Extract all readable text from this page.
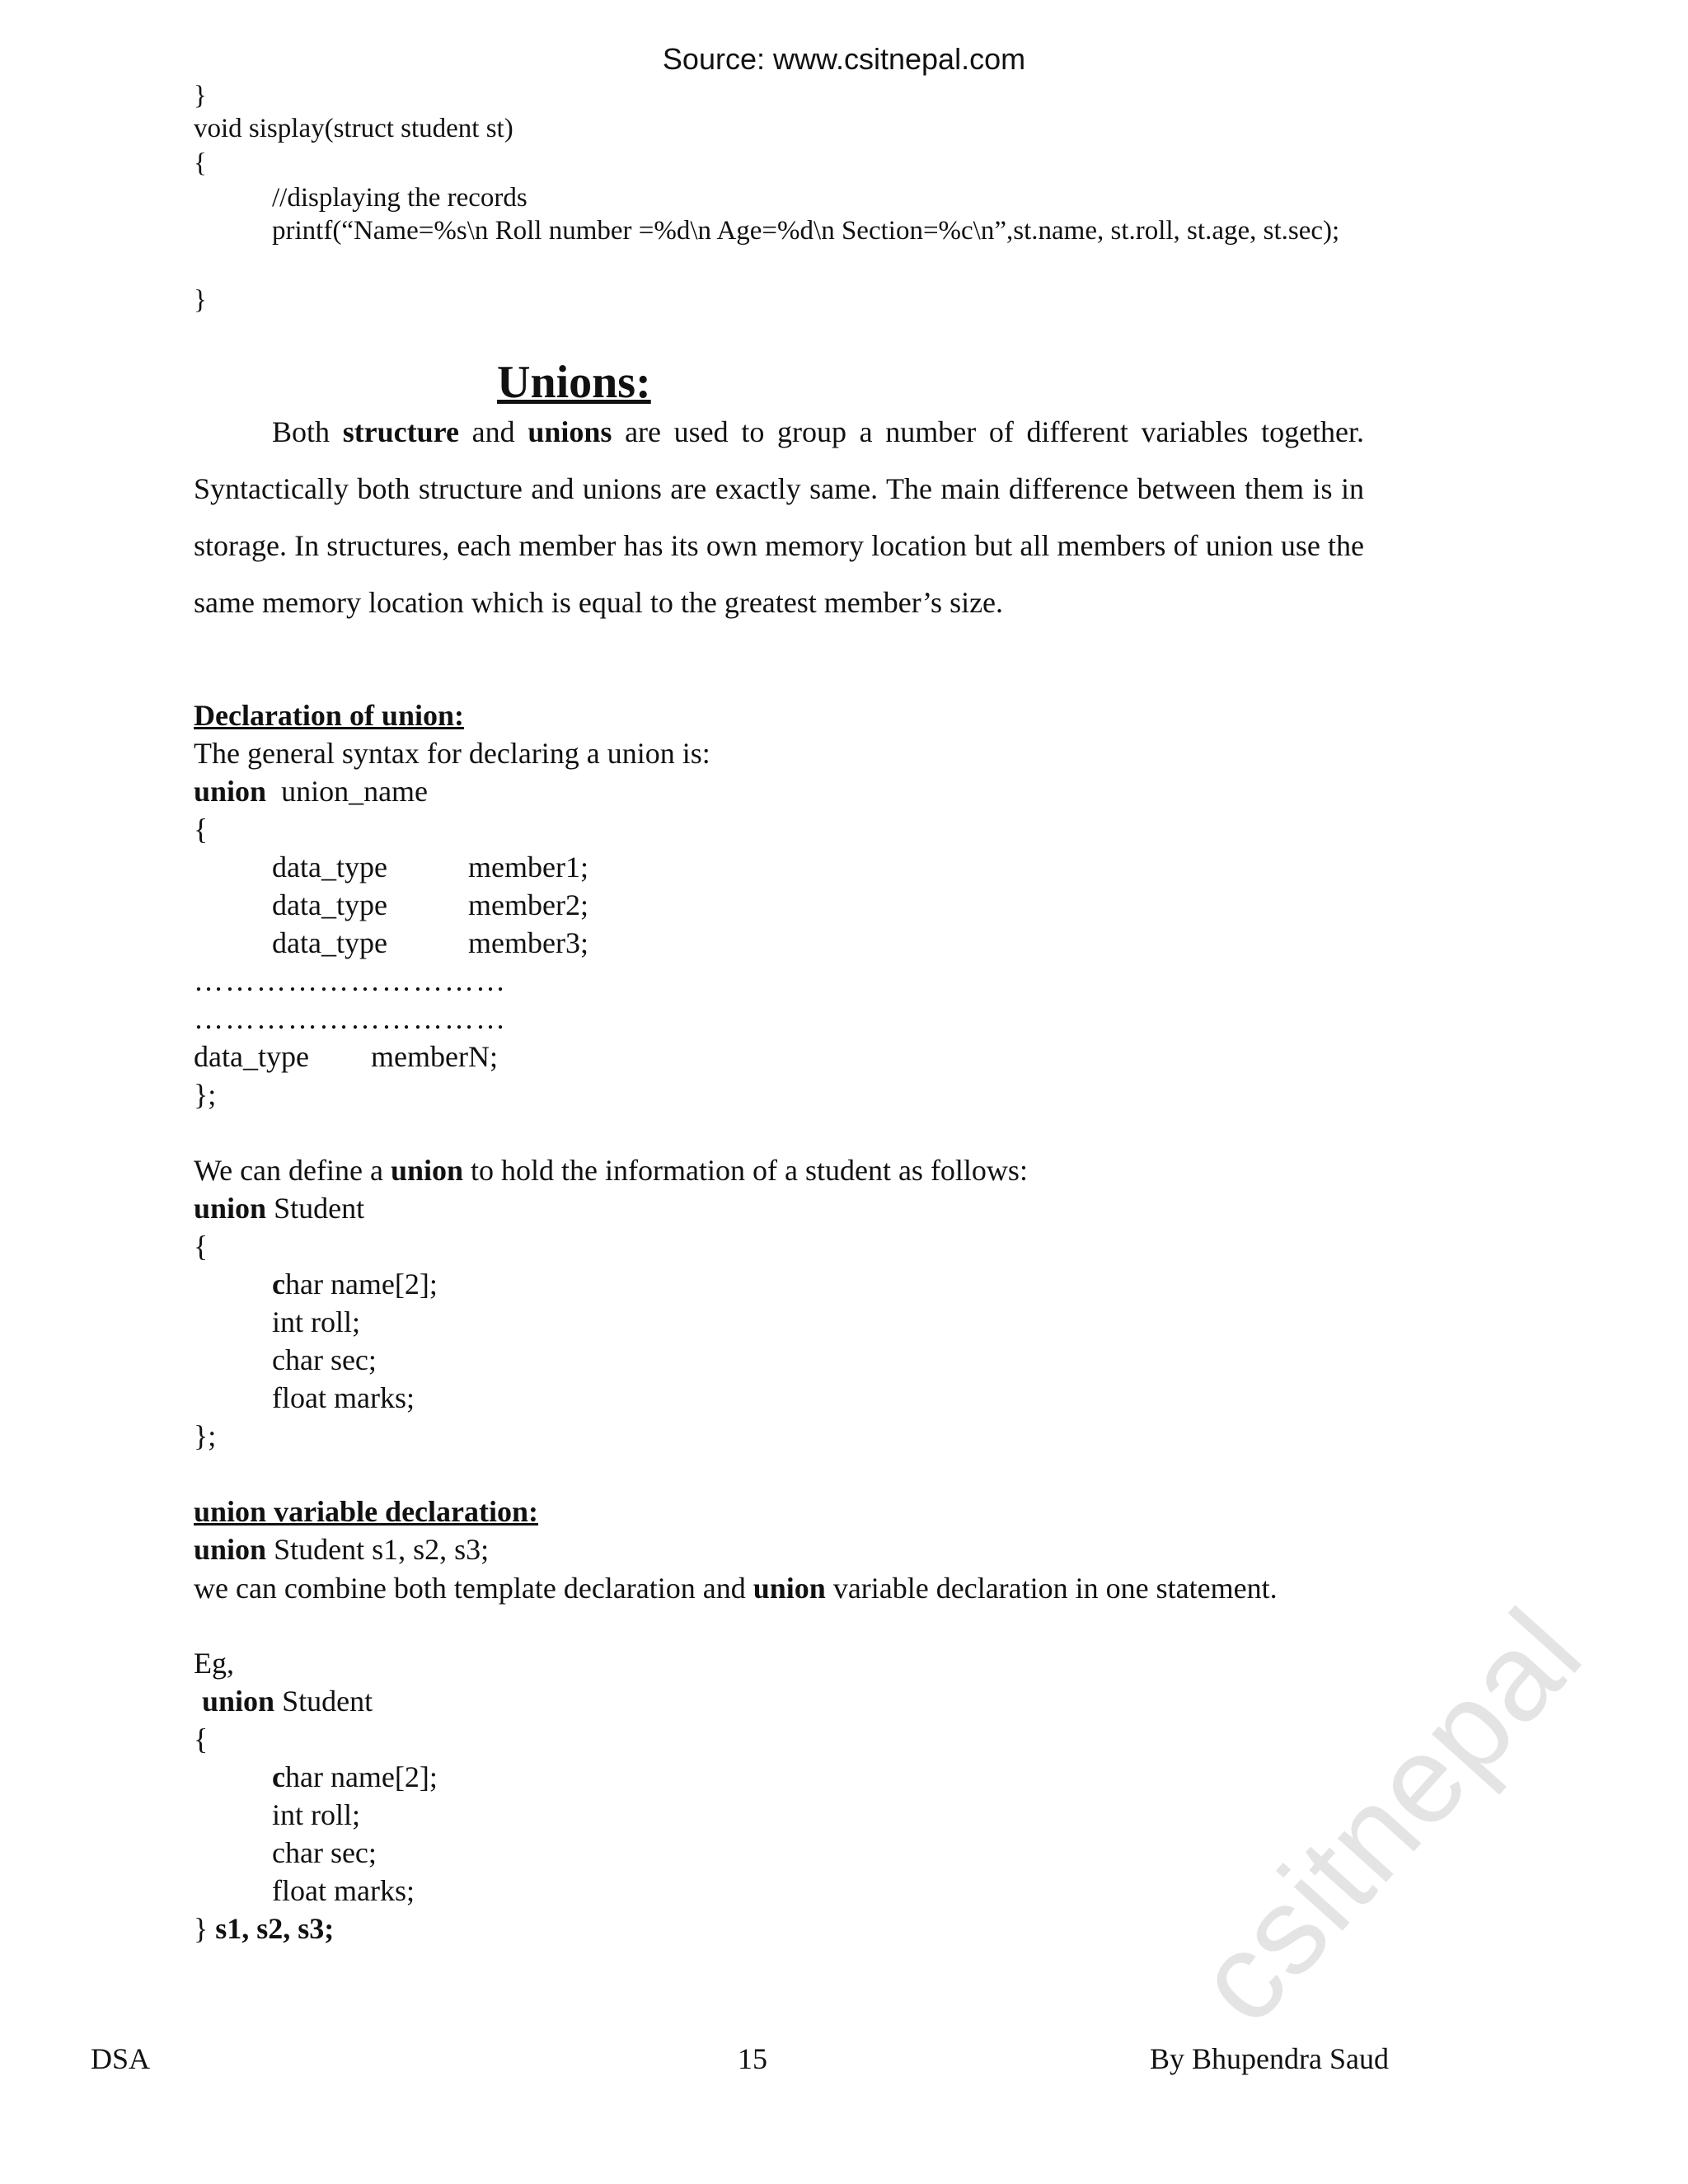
Source: www.csitnepal.com
}
void sisplay(struct student st)
{
//displaying the records
printf(“Name=%s\n Roll number =%d\n Age=%d\n Section=%c\n”,st.name, st.roll, st.age, st.sec);
}
Unions:

Both structure and unions are used to group a number of different variables together. Syntactically both structure and unions are exactly same. The main difference between them is in storage. In structures, each member has its own memory location but all members of union use the same memory location which is equal to the greatest member’s size.

Declaration of union:
The general syntax for declaring a union is:
union union_name
{
data_type	member1;
data_type	member2;
data_type	member3;
…………………………
…………………………
data_type memberN;
};
We can define a union to hold the information of a student as follows:
union Student
{
char name[2];
int roll;
char sec;
float marks;
};
union variable declaration:
union Student s1, s2, s3;
we can combine both template declaration and union variable declaration in one statement.
Eg,
union Student
{
char name[2];
int roll;
char sec;
float marks;
} s1, s2, s3;	csitnepal
DSA	15	By Bhupendra Saud
